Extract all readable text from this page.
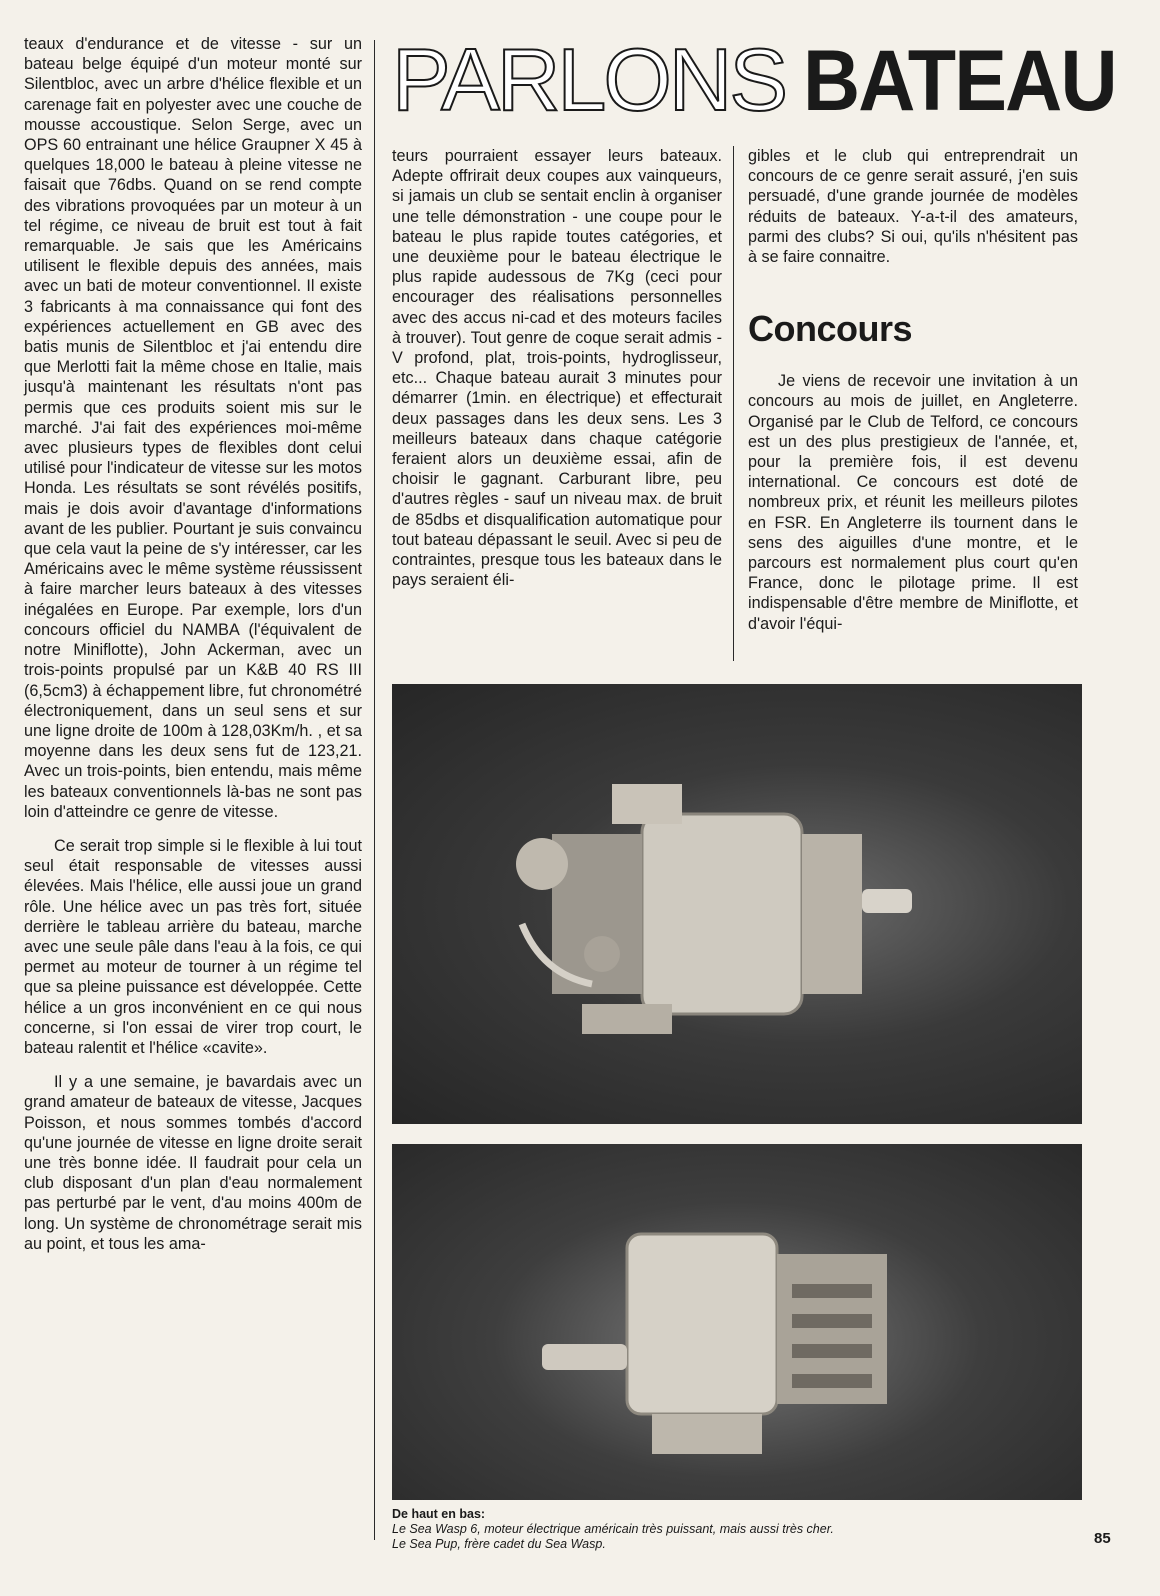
teaux d'endurance et de vitesse - sur un bateau belge équipé d'un moteur monté sur Silentbloc, avec un arbre d'hélice flexible et un carenage fait en polyester avec une couche de mousse accoustique. Selon Serge, avec un OPS 60 entrainant une hélice Graupner X 45 à quelques 18,000 le bateau à pleine vitesse ne faisait que 76dbs. Quand on se rend compte des vibrations provoquées par un moteur à un tel régime, ce niveau de bruit est tout à fait remarquable. Je sais que les Américains utilisent le flexible depuis des années, mais avec un bati de moteur conventionnel. Il existe 3 fabricants à ma connaissance qui font des expériences actuellement en GB avec des batis munis de Silentbloc et j'ai entendu dire que Merlotti fait la même chose en Italie, mais jusqu'à maintenant les résultats n'ont pas permis que ces produits soient mis sur le marché. J'ai fait des expériences moi-même avec plusieurs types de flexibles dont celui utilisé pour l'indicateur de vitesse sur les motos Honda. Les résultats se sont révélés positifs, mais je dois avoir d'avantage d'informations avant de les publier. Pourtant je suis convaincu que cela vaut la peine de s'y intéresser, car les Américains avec le même système réussissent à faire marcher leurs bateaux à des vitesses inégalées en Europe. Par exemple, lors d'un concours officiel du NAMBA (l'équivalent de notre Miniflotte), John Ackerman, avec un trois-points propulsé par un K&B 40 RS III (6,5cm3) à échappement libre, fut chronométré électroniquement, dans un seul sens et sur une ligne droite de 100m à 128,03Km/h. , et sa moyenne dans les deux sens fut de 123,21. Avec un trois-points, bien entendu, mais même les bateaux conventionnels là-bas ne sont pas loin d'atteindre ce genre de vitesse.

Ce serait trop simple si le flexible à lui tout seul était responsable de vitesses aussi élevées. Mais l'hélice, elle aussi joue un grand rôle. Une hélice avec un pas très fort, située derrière le tableau arrière du bateau, marche avec une seule pâle dans l'eau à la fois, ce qui permet au moteur de tourner à un régime tel que sa pleine puissance est développée. Cette hélice a un gros inconvénient en ce qui nous concerne, si l'on essai de virer trop court, le bateau ralentit et l'hélice «cavite».

Il y a une semaine, je bavardais avec un grand amateur de bateaux de vitesse, Jacques Poisson, et nous sommes tombés d'accord qu'une journée de vitesse en ligne droite serait une très bonne idée. Il faudrait pour cela un club disposant d'un plan d'eau normalement pas perturbé par le vent, d'au moins 400m de long. Un système de chronométrage serait mis au point, et tous les ama-

PARLONS BATEAU

teurs pourraient essayer leurs bateaux. Adepte offrirait deux coupes aux vainqueurs, si jamais un club se sentait enclin à organiser une telle démonstration - une coupe pour le bateau le plus rapide toutes catégories, et une deuxième pour le bateau électrique le plus rapide audessous de 7Kg (ceci pour encourager des réalisations personnelles avec des accus ni-cad et des moteurs faciles à trouver). Tout genre de coque serait admis - V profond, plat, trois-points, hydroglisseur, etc... Chaque bateau aurait 3 minutes pour démarrer (1min. en électrique) et effecturait deux passages dans les deux sens. Les 3 meilleurs bateaux dans chaque catégorie feraient alors un deuxième essai, afin de choisir le gagnant. Carburant libre, peu d'autres règles - sauf un niveau max. de bruit de 85dbs et disqualification automatique pour tout bateau dépassant le seuil. Avec si peu de contraintes, presque tous les bateaux dans le pays seraient éli-

gibles et le club qui entreprendrait un concours de ce genre serait assuré, j'en suis persuadé, d'une grande journée de modèles réduits de bateaux. Y-a-t-il des amateurs, parmi des clubs? Si oui, qu'ils n'hésitent pas à se faire connaitre.

Concours

Je viens de recevoir une invitation à un concours au mois de juillet, en Angleterre. Organisé par le Club de Telford, ce concours est un des plus prestigieux de l'année, et, pour la première fois, il est devenu international. Ce concours est doté de nombreux prix, et réunit les meilleurs pilotes en FSR. En Angleterre ils tournent dans le sens des aiguilles d'une montre, et le parcours est normalement plus court qu'en France, donc le pilotage prime. Il est indispensable d'être membre de Miniflotte, et d'avoir l'équi-

De haut en bas:
Le Sea Wasp 6, moteur électrique américain très puissant, mais aussi très cher.
Le Sea Pup, frère cadet du Sea Wasp.	85
